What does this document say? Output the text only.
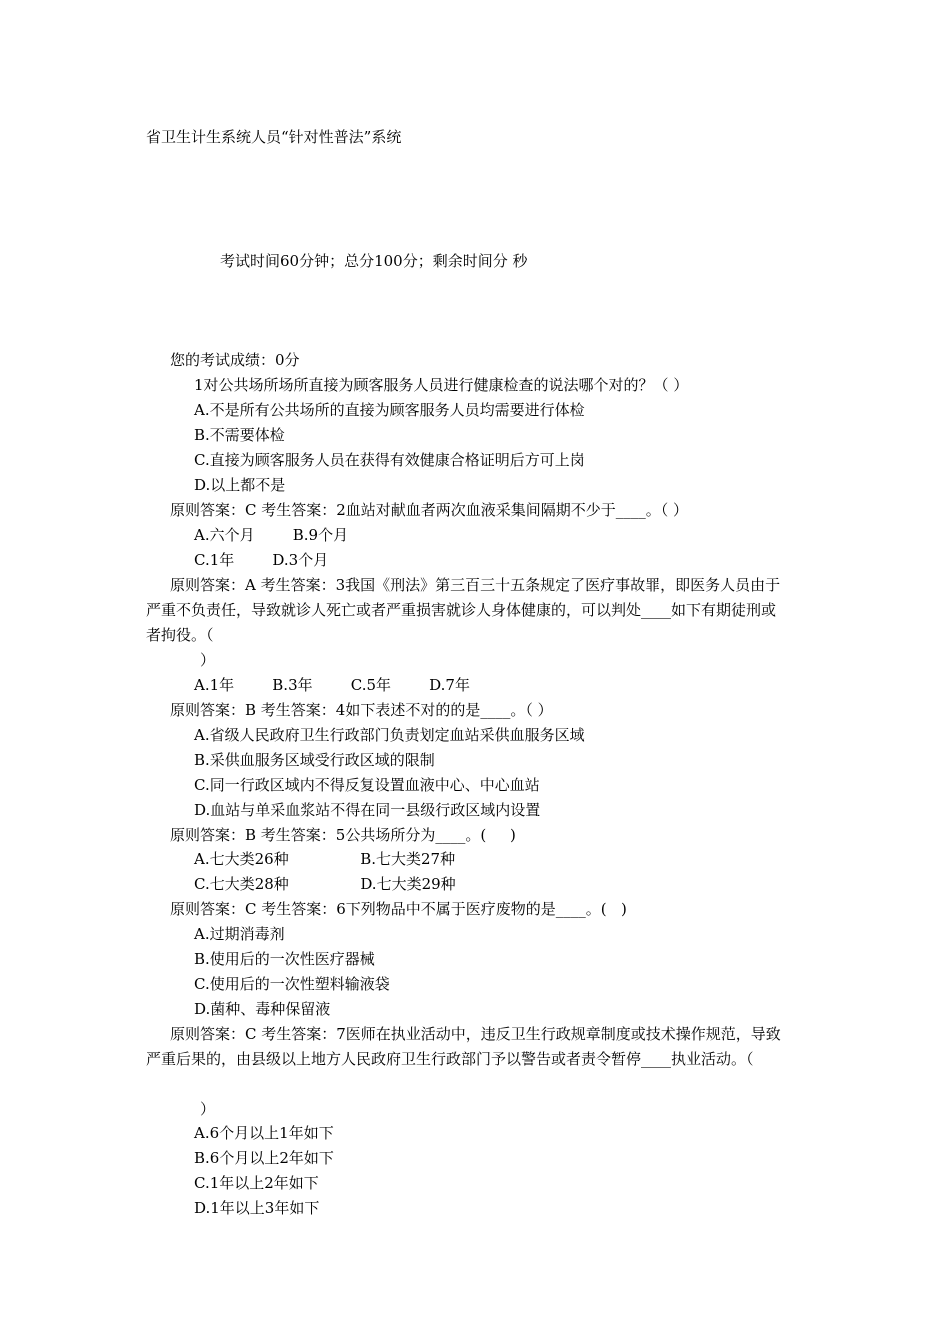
省卫生计生系统人员“针对性普法”系统
考试时间60分钟；总分100分；剩余时间分 秒
您的考试成绩：0分
1对公共场所场所直接为顾客服务人员进行健康检查的说法哪个对的？（ ）
A.不是所有公共场所的直接为顾客服务人员均需要进行体检
B.不需要体检
C.直接为顾客服务人员在获得有效健康合格证明后方可上岗
D.以上都不是
原则答案：C 考生答案：2血站对献血者两次血液采集间隔期不少于____。（ ）
A.六个月        B.9个月
C.1年        D.3个月
原则答案：A 考生答案：3我国《刑法》第三百三十五条规定了医疗事故罪，即医务人员由于严重不负责任，导致就诊人死亡或者严重损害就诊人身体健康的，可以判处____如下有期徒刑或者拘役。（
）
A.1年        B.3年        C.5年        D.7年
原则答案：B 考生答案：4如下表述不对的的是____。（ ）
A.省级人民政府卫生行政部门负责划定血站采供血服务区域
B.采供血服务区域受行政区域的限制
C.同一行政区域内不得反复设置血液中心、中心血站
D.血站与单采血浆站不得在同一县级行政区域内设置
原则答案：B 考生答案：5公共场所分为____。(     )
A.七大类26种               B.七大类27种
C.七大类28种               D.七大类29种
原则答案：C 考生答案：6下列物品中不属于医疗废物的是____。(   )
A.过期消毒剂
B.使用后的一次性医疗器械
C.使用后的一次性塑料输液袋
D.菌种、毒种保留液
原则答案：C 考生答案：7医师在执业活动中，违反卫生行政规章制度或技术操作规范，导致严重后果的，由县级以上地方人民政府卫生行政部门予以警告或者责令暂停____执业活动。（
）
A.6个月以上1年如下
B.6个月以上2年如下
C.1年以上2年如下
D.1年以上3年如下
